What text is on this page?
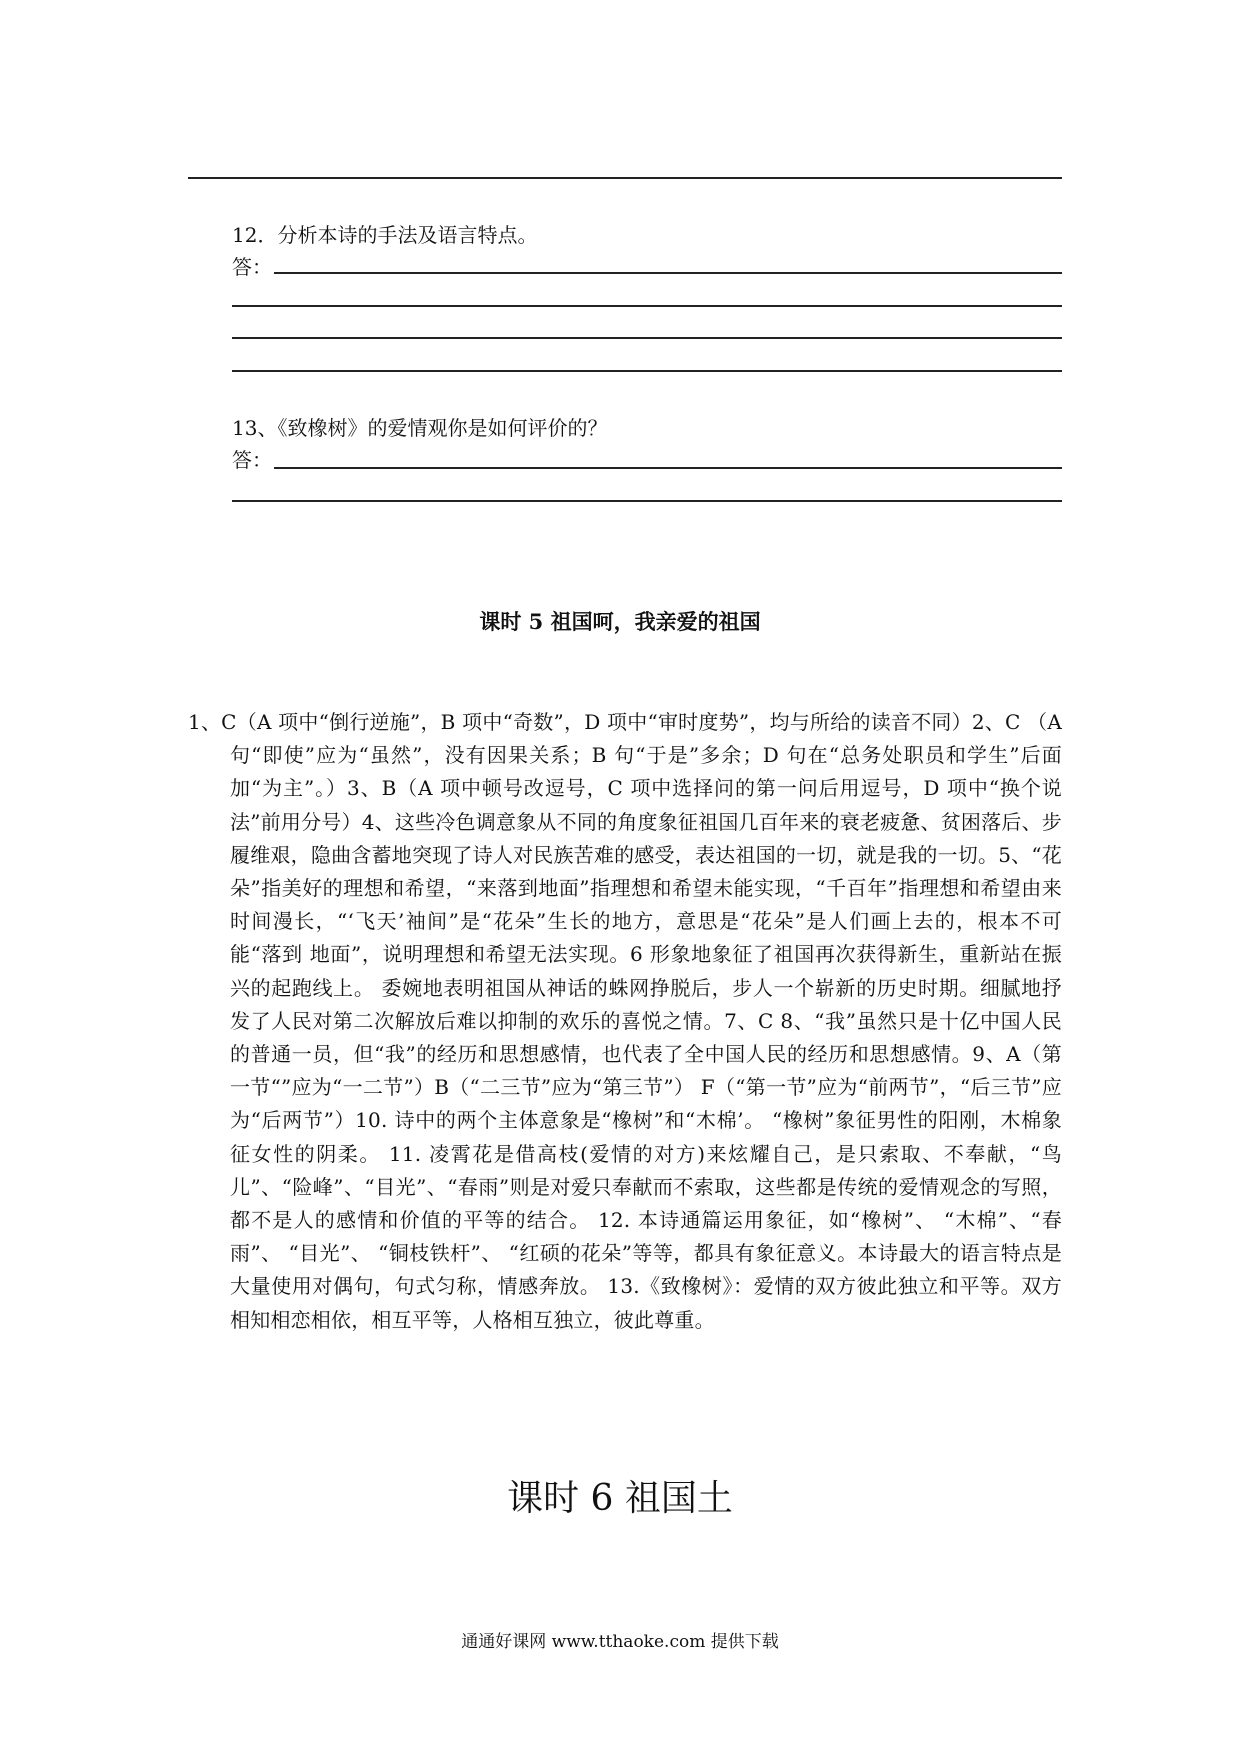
12．分析本诗的手法及语言特点。
答：
13、《致橡树》的爱情观你是如何评价的？
答：
课时 5 祖国呵，我亲爱的祖国

1、C（A 项中“倒行逆施”，B 项中“奇数”，D 项中“审时度势”，均与所给的读音不同）2、C （A 句“即使”应为“虽然”，没有因果关系；B 句“于是”多余；D 句在“总务处职员和学生”后面加“为主”。）3、B（A 项中顿号改逗号，C 项中选择问的第一问后用逗号，D 项中“换个说法”前用分号）4、这些冷色调意象从不同的角度象征祖国几百年来的衰老疲惫、贫困落后、步履维艰，隐曲含蓄地突现了诗人对民族苦难的感受，表达祖国的一切，就是我的一切。5、“花朵”指美好的理想和希望，“来落到地面”指理想和希望未能实现，“千百年”指理想和希望由来时间漫长，“‘飞天’袖间”是“花朵”生长的地方，意思是“花朵”是人们画上去的，根本不可能“落到 地面”，说明理想和希望无法实现。6 形象地象征了祖国再次获得新生，重新站在振兴的起跑线上。 委婉地表明祖国从神话的蛛网挣脱后，步人一个崭新的历史时期。细腻地抒发了人民对第二次解放后难以抑制的欢乐的喜悦之情。7、C 8、“我”虽然只是十亿中国人民的普通一员，但“我”的经历和思想感情，也代表了全中国人民的经历和思想感情。9、A（第一节“”应为“一二节”）B（“二三节”应为“第三节”） F（“第一节”应为“前两节”，“后三节”应为“后两节”）10. 诗中的两个主体意象是“橡树”和“木棉’。 “橡树”象征男性的阳刚，木棉象征女性的阴柔。 11. 凌霄花是借高枝(爱情的对方)来炫耀自己，是只索取、不奉献，“鸟儿”、“险峰”、“目光”、“春雨”则是对爱只奉献而不索取，这些都是传统的爱情观念的写照，都不是人的感情和价值的平等的结合。 12. 本诗通篇运用象征，如“橡树”、 “木棉”、“春雨”、 “目光”、 “铜枝铁杆”、 “红硕的花朵”等等，都具有象征意义。本诗最大的语言特点是大量使用对偶句，句式匀称，情感奔放。 13.《致橡树》：爱情的双方彼此独立和平等。双方相知相恋相依，相互平等，人格相互独立，彼此尊重。

课时 6 祖国土
通通好课网 www.tthaoke.com 提供下载
